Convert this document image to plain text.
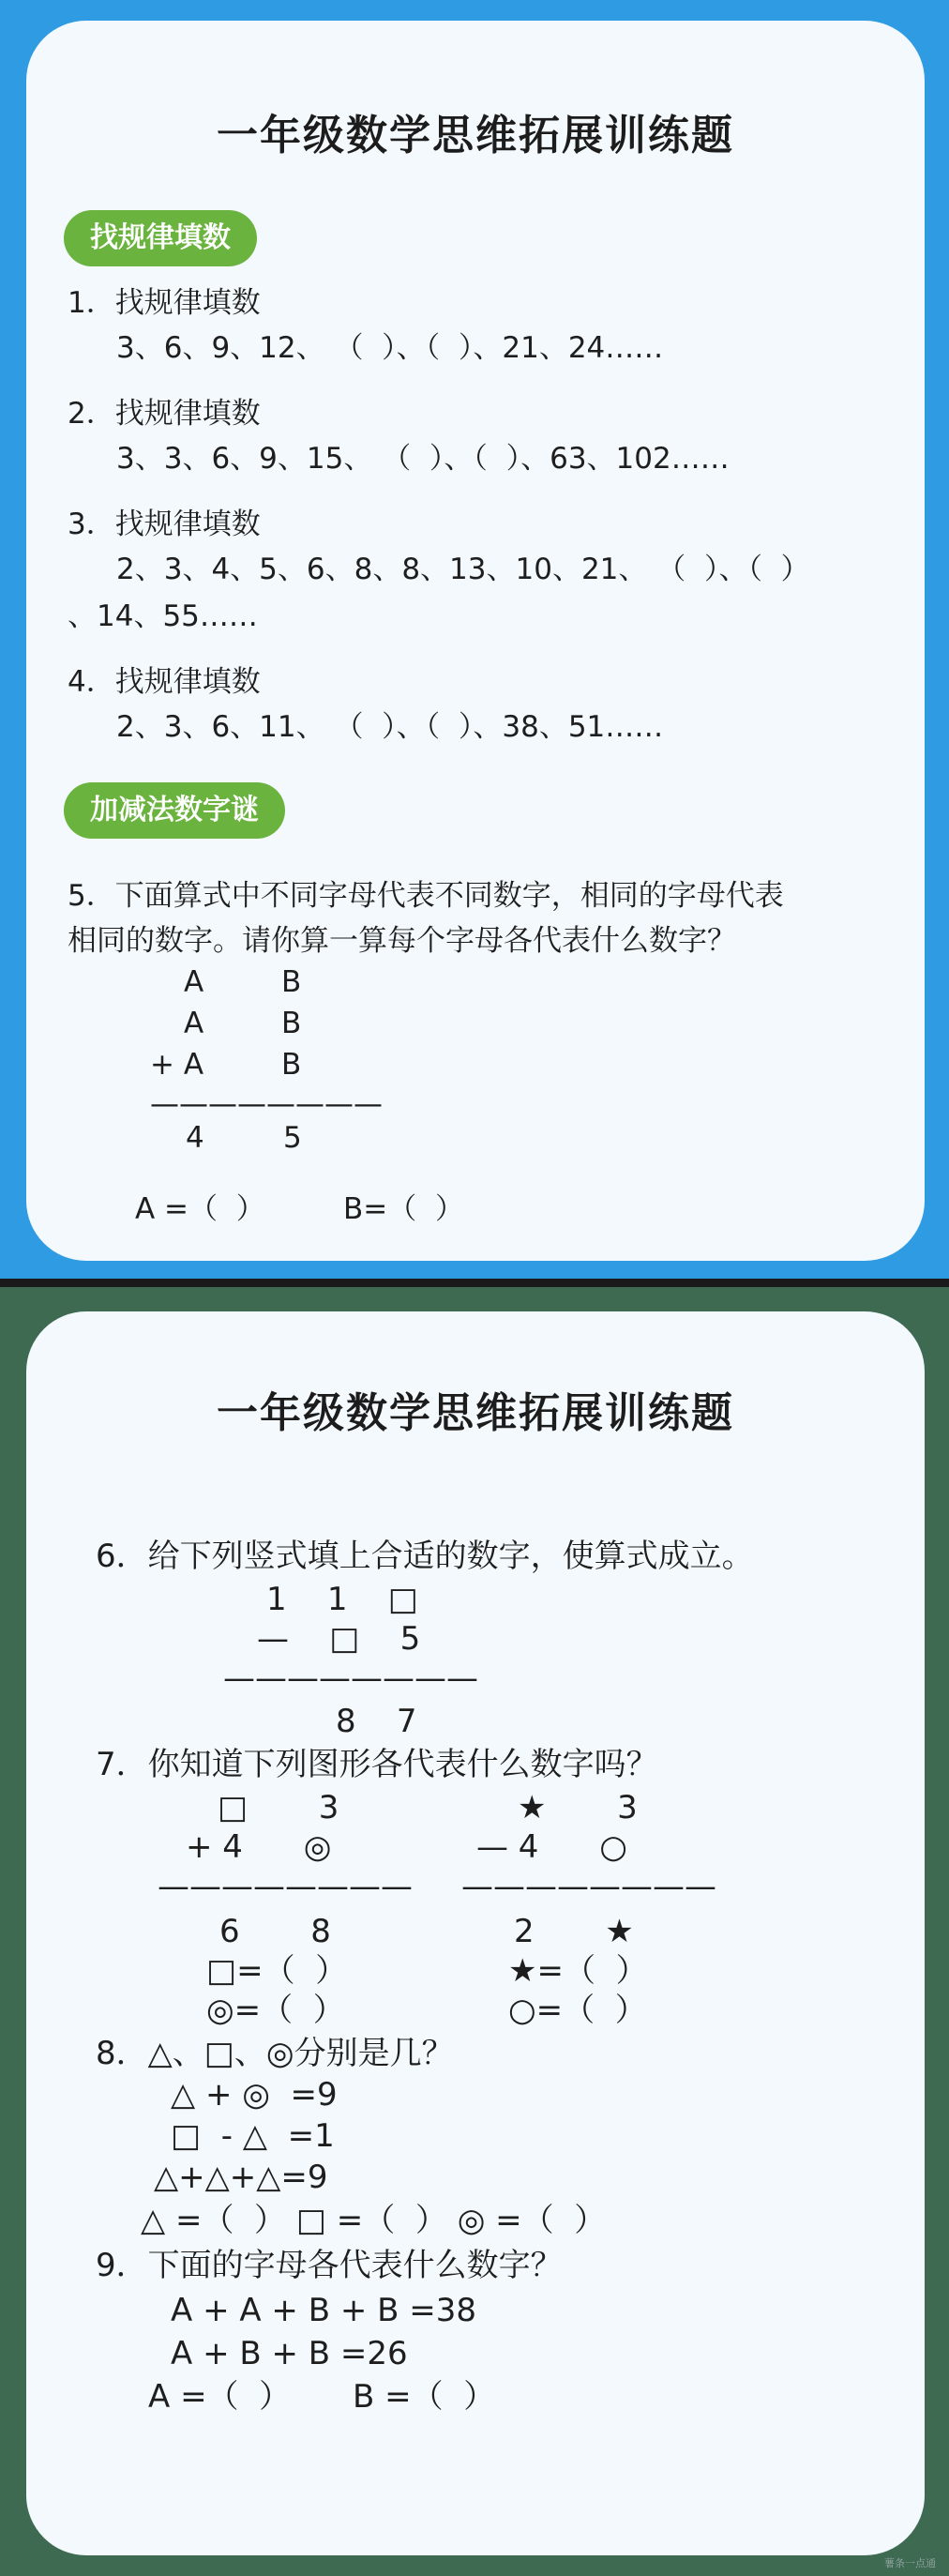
一年级数学思维拓展训练题
找规律填数
1．找规律填数
3、6、9、12、 （  ）、（  ）、21、24……
2．找规律填数
3、3、6、9、15、 （  ）、（  ）、63、102……
3．找规律填数
2、3、4、5、6、8、8、13、10、21、 （  ）、（  ）
、14、55……
4．找规律填数
2、3、6、11、 （  ）、（  ）、38、51……
加减法数字谜
5．下面算式中不同字母代表不同数字，相同的字母代表
相同的数字。请你算一算每个字母各代表什么数字？
A	B
A	B
+ A	B
————————
4	5
A =（  ）	B=（  ）
一年级数学思维拓展训练题
6．给下列竖式填上合适的数字，使算式成立。
1    1    □
—    □    5
————————
8    7
7．你知道下列图形各代表什么数字吗？
□       3
+ 4      ◎
————————
6       8
□=（  ）
◎=（  ）
★       3
— 4      ○
————————
2       ★
★=（  ）
○=（  ）
8．△、□、◎分别是几？
△ + ◎  =9
□  - △  =1
△+△+△=9
△ =（  ） □ =（  ） ◎ =（  ）
9．下面的字母各代表什么数字？
A + A + B + B =38
A + B + B =26
A =（  ） B =（  ）
薯条一点通
